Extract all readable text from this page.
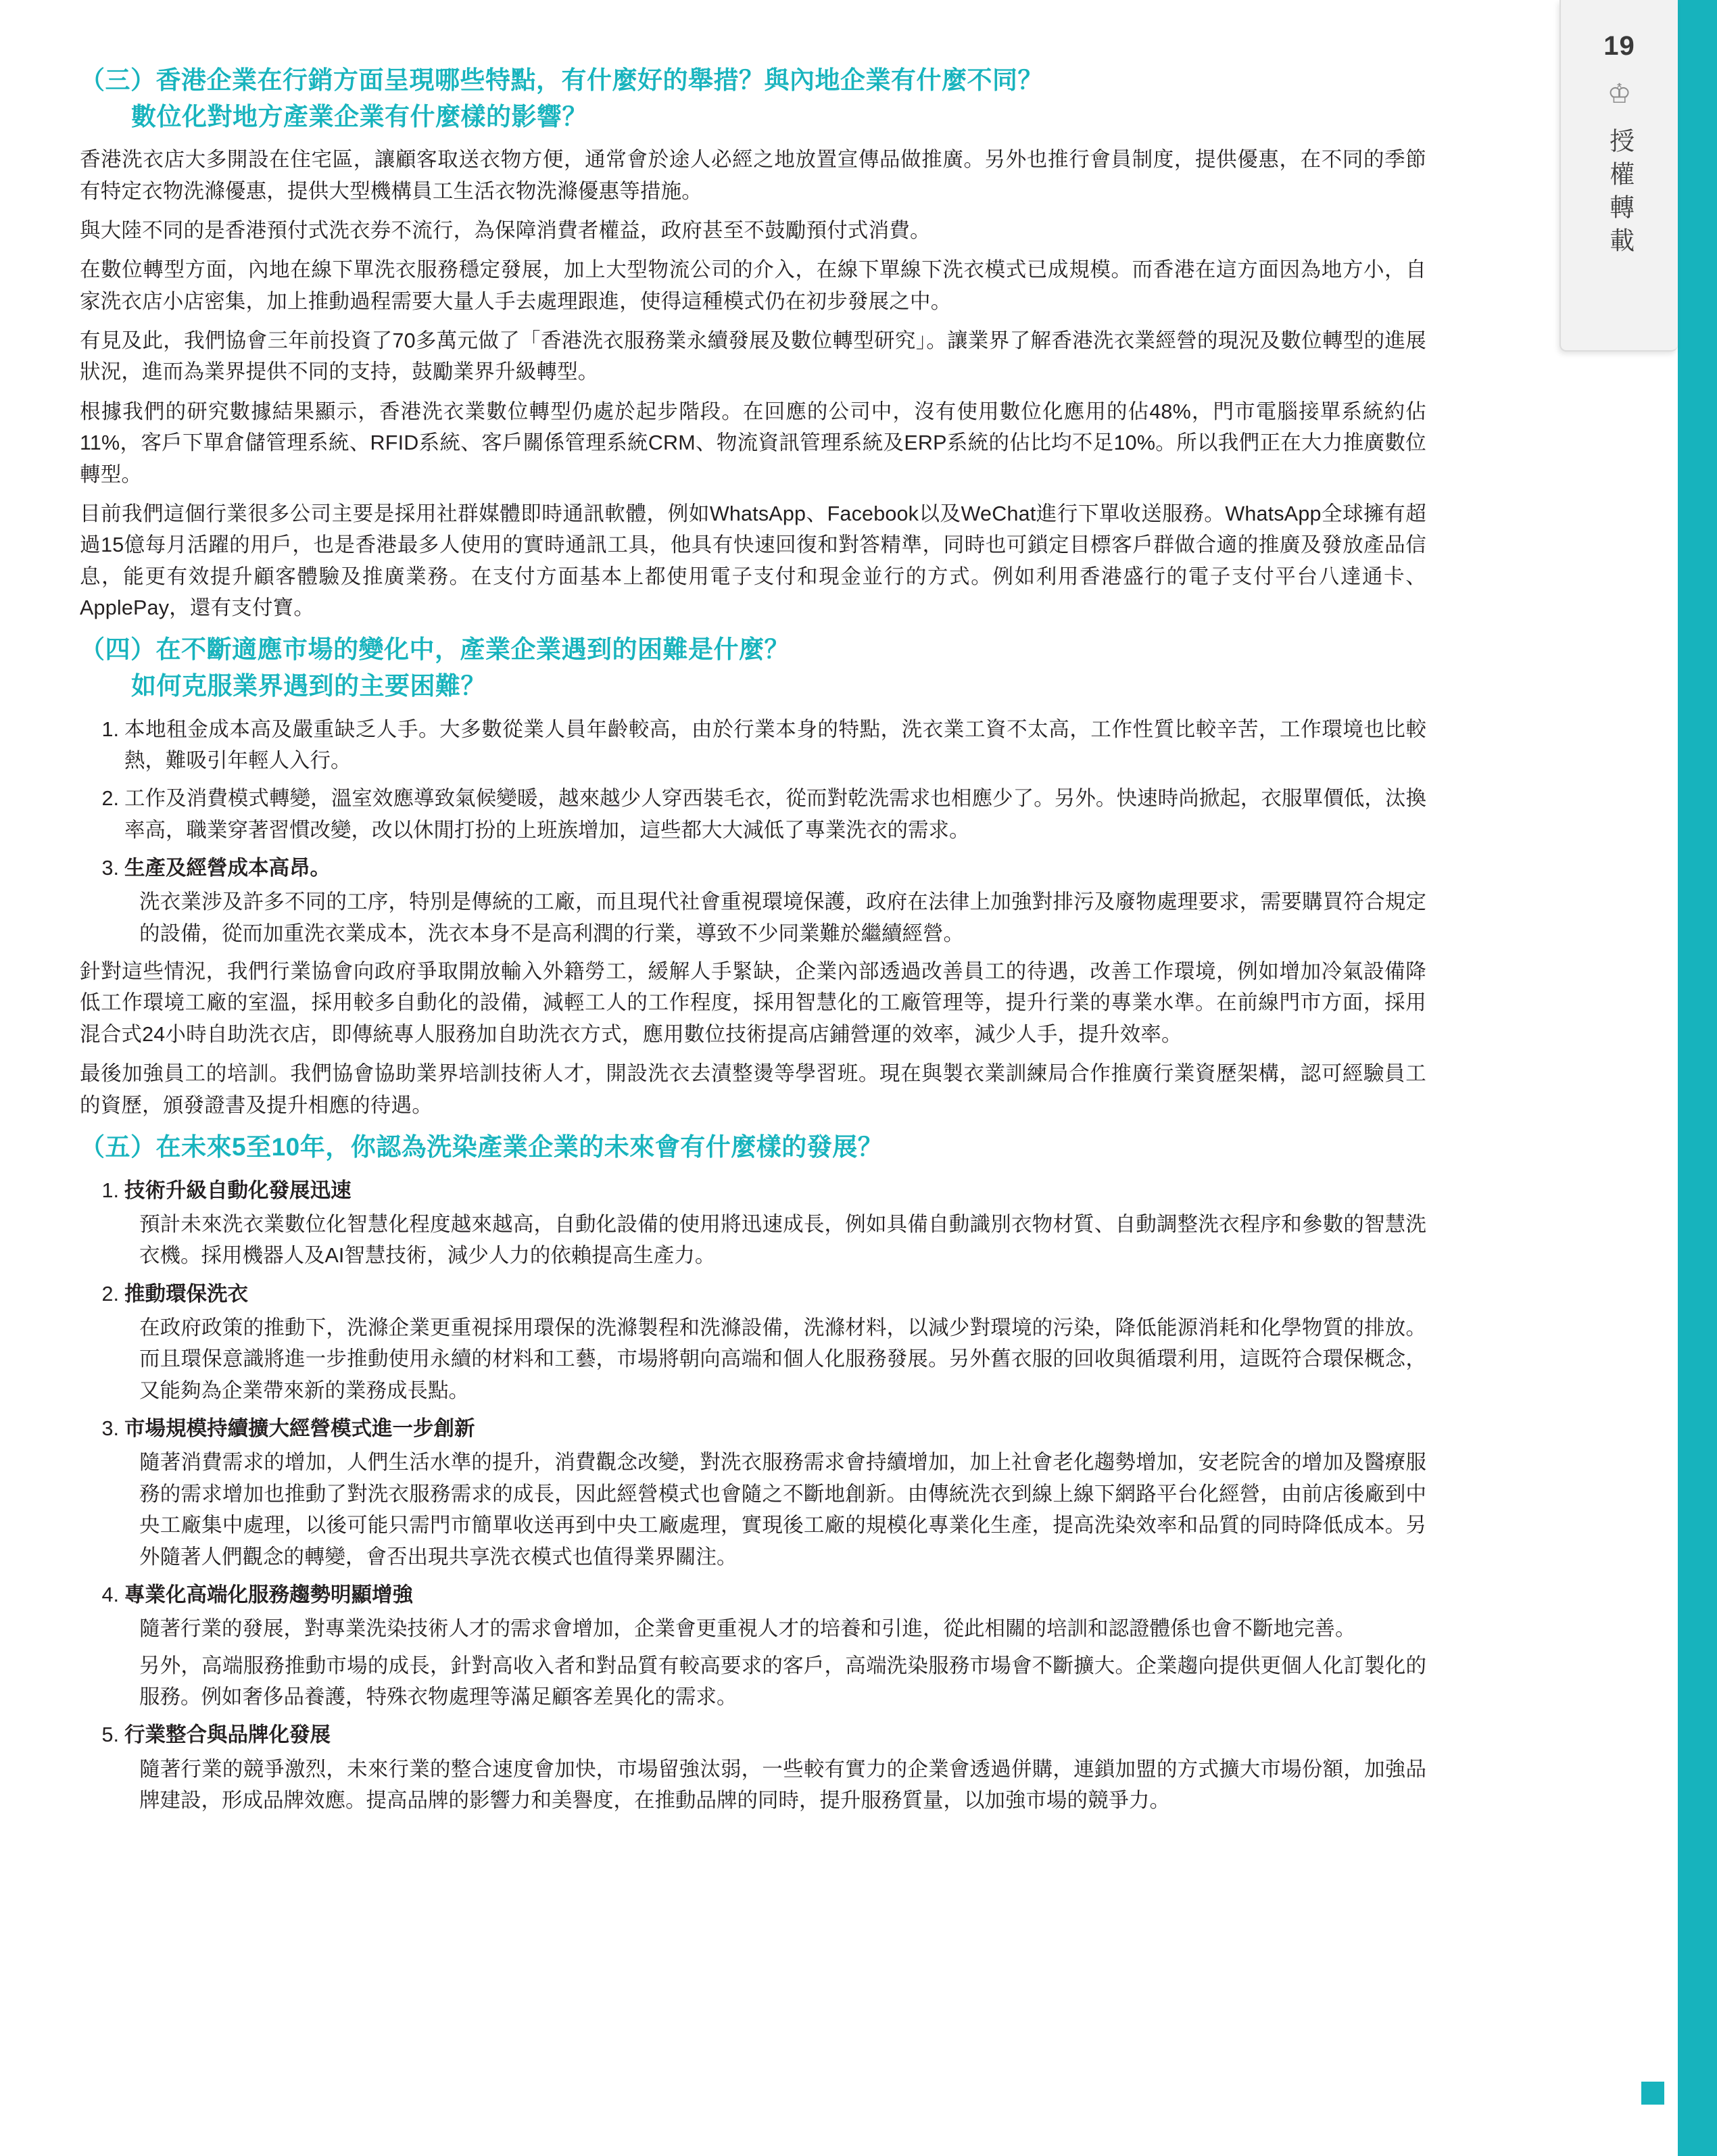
19
♔
授權轉載
（三）香港企業在行銷方面呈現哪些特點，有什麼好的舉措？與內地企業有什麼不同？
數位化對地方產業企業有什麼樣的影響？

香港洗衣店大多開設在住宅區，讓顧客取送衣物方便，通常會於途人必經之地放置宣傳品做推廣。另外也推行會員制度，提供優惠，在不同的季節有特定衣物洗滌優惠，提供大型機構員工生活衣物洗滌優惠等措施。

與大陸不同的是香港預付式洗衣券不流行，為保障消費者權益，政府甚至不鼓勵預付式消費。

在數位轉型方面，內地在線下單洗衣服務穩定發展，加上大型物流公司的介入，在線下單線下洗衣模式已成規模。而香港在這方面因為地方小，自家洗衣店小店密集，加上推動過程需要大量人手去處理跟進，使得這種模式仍在初步發展之中。

有見及此，我們協會三年前投資了70多萬元做了「香港洗衣服務業永續發展及數位轉型研究」。讓業界了解香港洗衣業經營的現況及數位轉型的進展狀況，進而為業界提供不同的支持，鼓勵業界升級轉型。

根據我們的研究數據結果顯示，香港洗衣業數位轉型仍處於起步階段。在回應的公司中，沒有使用數位化應用的佔48%，門市電腦接單系統約佔11%，客戶下單倉儲管理系統、RFID系統、客戶關係管理系統CRM、物流資訊管理系統及ERP系統的佔比均不足10%。所以我們正在大力推廣數位轉型。

目前我們這個行業很多公司主要是採用社群媒體即時通訊軟體，例如WhatsApp、Facebook以及WeChat進行下單收送服務。WhatsApp全球擁有超過15億每月活躍的用戶，也是香港最多人使用的實時通訊工具，他具有快速回復和對答精準，同時也可鎖定目標客戶群做合適的推廣及發放產品信息，能更有效提升顧客體驗及推廣業務。在支付方面基本上都使用電子支付和現金並行的方式。例如利用香港盛行的電子支付平台八達通卡、ApplePay，還有支付寶。

（四）在不斷適應市場的變化中，產業企業遇到的困難是什麼？
如何克服業界遇到的主要困難？
本地租金成本高及嚴重缺乏人手。大多數從業人員年齡較高，由於行業本身的特點，洗衣業工資不太高，工作性質比較辛苦，工作環境也比較熱，難吸引年輕人入行。
工作及消費模式轉變，溫室效應導致氣候變暖，越來越少人穿西裝毛衣，從而對乾洗需求也相應少了。另外。快速時尚掀起，衣服單價低，汰換率高，職業穿著習慣改變，改以休閒打扮的上班族增加，這些都大大減低了專業洗衣的需求。
生產及經營成本高昂。
洗衣業涉及許多不同的工序，特別是傳統的工廠，而且現代社會重視環境保護，政府在法律上加強對排污及廢物處理要求，需要購買符合規定的設備，從而加重洗衣業成本，洗衣本身不是高利潤的行業，導致不少同業難於繼續經營。

針對這些情況，我們行業協會向政府爭取開放輸入外籍勞工，緩解人手緊缺，企業內部透過改善員工的待遇，改善工作環境，例如增加冷氣設備降低工作環境工廠的室溫，採用較多自動化的設備，減輕工人的工作程度，採用智慧化的工廠管理等，提升行業的專業水準。在前線門市方面，採用混合式24小時自助洗衣店，即傳統專人服務加自助洗衣方式，應用數位技術提高店鋪營運的效率，減少人手，提升效率。

最後加強員工的培訓。我們協會協助業界培訓技術人才，開設洗衣去漬整燙等學習班。現在與製衣業訓練局合作推廣行業資歷架構，認可經驗員工的資歷，頒發證書及提升相應的待遇。

（五）在未來5至10年，你認為洗染產業企業的未來會有什麼樣的發展？
技術升級自動化發展迅速
預計未來洗衣業數位化智慧化程度越來越高，自動化設備的使用將迅速成長，例如具備自動識別衣物材質、自動調整洗衣程序和參數的智慧洗衣機。採用機器人及AI智慧技術，減少人力的依賴提高生產力。
推動環保洗衣
在政府政策的推動下，洗滌企業更重視採用環保的洗滌製程和洗滌設備，洗滌材料，以減少對環境的污染，降低能源消耗和化學物質的排放。而且環保意識將進一步推動使用永續的材料和工藝，市場將朝向高端和個人化服務發展。另外舊衣服的回收與循環利用，這既符合環保概念，又能夠為企業帶來新的業務成長點。
市場規模持續擴大經營模式進一步創新
隨著消費需求的增加，人們生活水準的提升，消費觀念改變，對洗衣服務需求會持續增加，加上社會老化趨勢增加，安老院舍的增加及醫療服務的需求增加也推動了對洗衣服務需求的成長，因此經營模式也會隨之不斷地創新。由傳統洗衣到線上線下網路平台化經營，由前店後廠到中央工廠集中處理，以後可能只需門市簡單收送再到中央工廠處理，實現後工廠的規模化專業化生產，提高洗染效率和品質的同時降低成本。另外隨著人們觀念的轉變，會否出現共享洗衣模式也值得業界關注。
專業化高端化服務趨勢明顯增強
隨著行業的發展，對專業洗染技術人才的需求會增加，企業會更重視人才的培養和引進，從此相關的培訓和認證體係也會不斷地完善。
另外，高端服務推動市場的成長，針對高收入者和對品質有較高要求的客戶，高端洗染服務市場會不斷擴大。企業趨向提供更個人化訂製化的服務。例如奢侈品養護，特殊衣物處理等滿足顧客差異化的需求。
行業整合與品牌化發展
隨著行業的競爭激烈，未來行業的整合速度會加快，市場留強汰弱，一些較有實力的企業會透過併購，連鎖加盟的方式擴大市場份額，加強品牌建設，形成品牌效應。提高品牌的影響力和美譽度，在推動品牌的同時，提升服務質量，以加強市場的競爭力。
